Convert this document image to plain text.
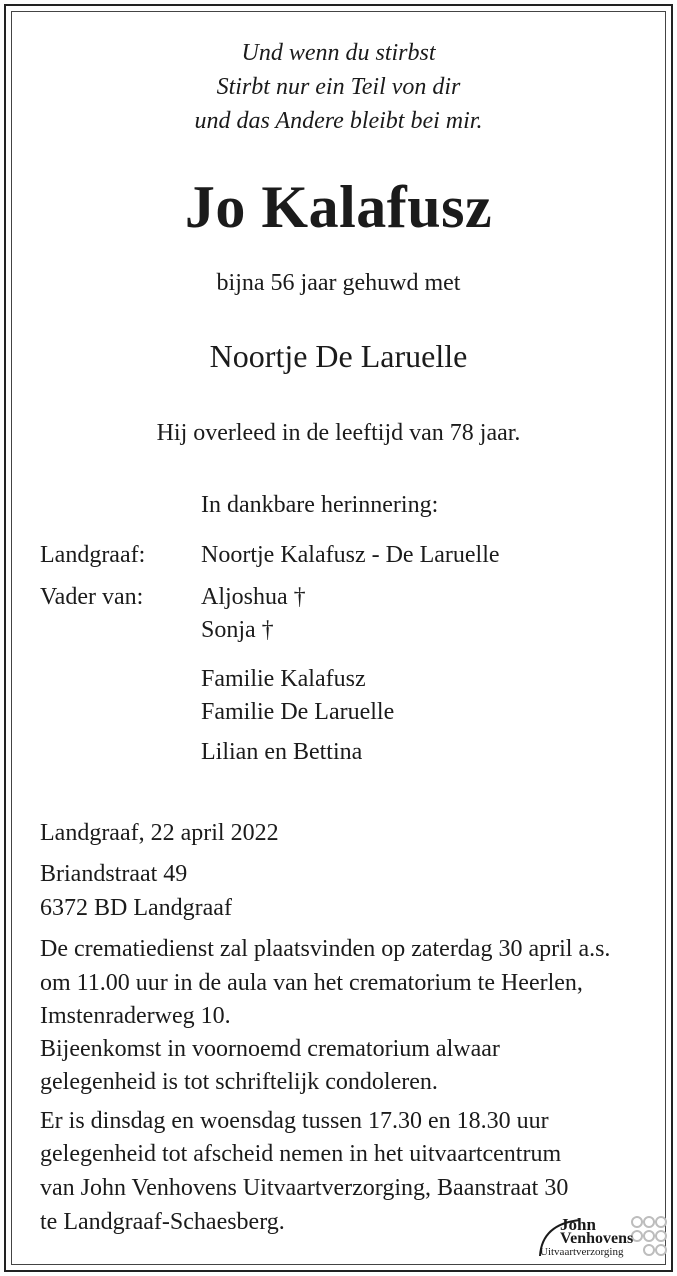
Und wenn du stirbst
Stirbt nur ein Teil von dir
und das Andere bleibt bei mir.
Jo Kalafusz
bijna 56 jaar gehuwd met
Noortje De Laruelle
Hij overleed in de leeftijd van 78 jaar.
In dankbare herinnering:
Landgraaf: Noortje Kalafusz - De Laruelle
Vader van: Aljoshua †
Sonja †
Familie Kalafusz
Familie De Laruelle
Lilian en Bettina
Landgraaf, 22 april 2022
Briandstraat 49
6372 BD Landgraaf
De crematiedienst zal plaatsvinden op zaterdag 30 april a.s.
om 11.00 uur in de aula van het crematorium te Heerlen,
Imstenraderweg 10.
Bijeenkomst in voornoemd crematorium alwaar
gelegenheid is tot schriftelijk condoleren.
Er is dinsdag en woensdag tussen 17.30 en 18.30 uur
gelegenheid tot afscheid nemen in het uitvaartcentrum
van John Venhovens Uitvaartverzorging, Baanstraat 30
te Landgraaf-Schaesberg.	John
Venhovens
Uitvaartverzorging
